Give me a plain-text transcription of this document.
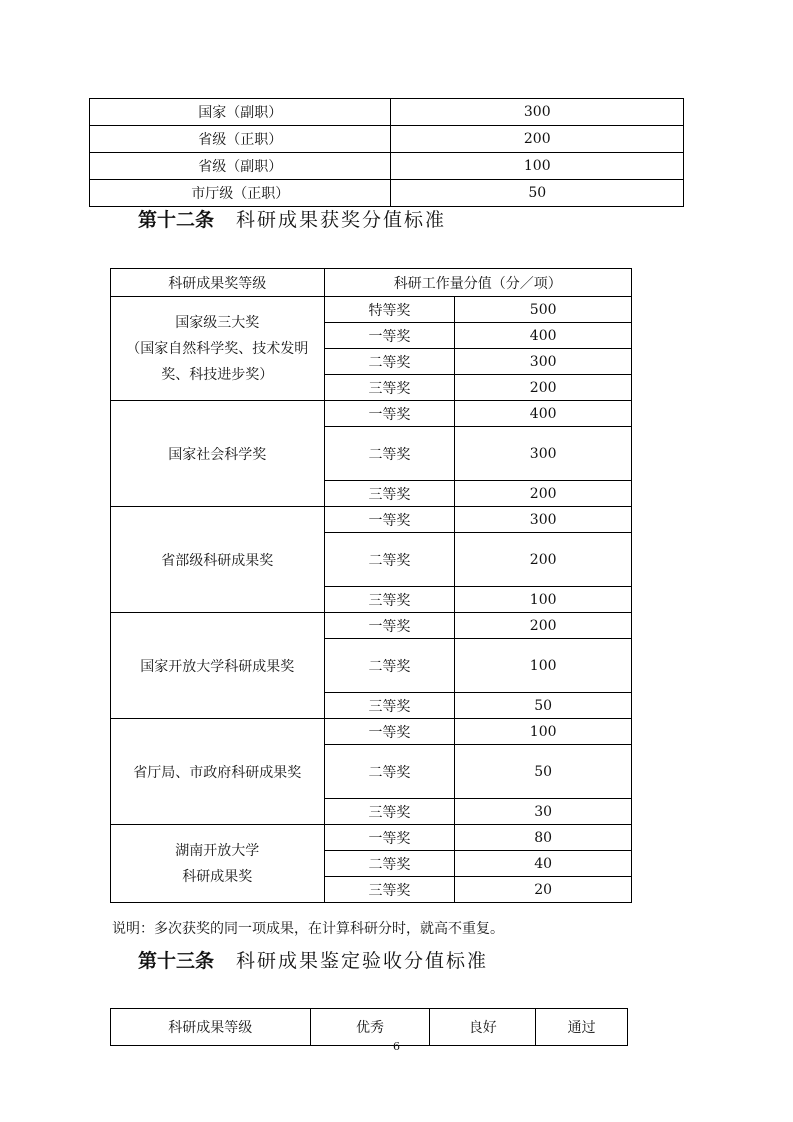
国家（副职）	300
省级（正职）	200
省级（副职）	100
市厅级（正职）	50
第十二条 科研成果获奖分值标准
科研成果奖等级	科研工作量分值（分／项）	

国家级三大奖
（国家自然科学奖、技术发明
奖、科技进步奖）	特等奖	500
	一等奖	400
	二等奖	300
	三等奖	200

国家社会科学奖	一等奖	400
	二等奖	300
	三等奖	200

省部级科研成果奖	一等奖	300
	二等奖	200
	三等奖	100

国家开放大学科研成果奖	一等奖	200
	二等奖	100
	三等奖	50

省厅局、市政府科研成果奖	一等奖	100
	二等奖	50
	三等奖	30

湖南开放大学
科研成果奖	一等奖	80
	二等奖	40
	三等奖	20
说明：多次获奖的同一项成果，在计算科研分时，就高不重复。
第十三条 科研成果鉴定验收分值标准
科研成果等级	优秀	良好	通过
6
